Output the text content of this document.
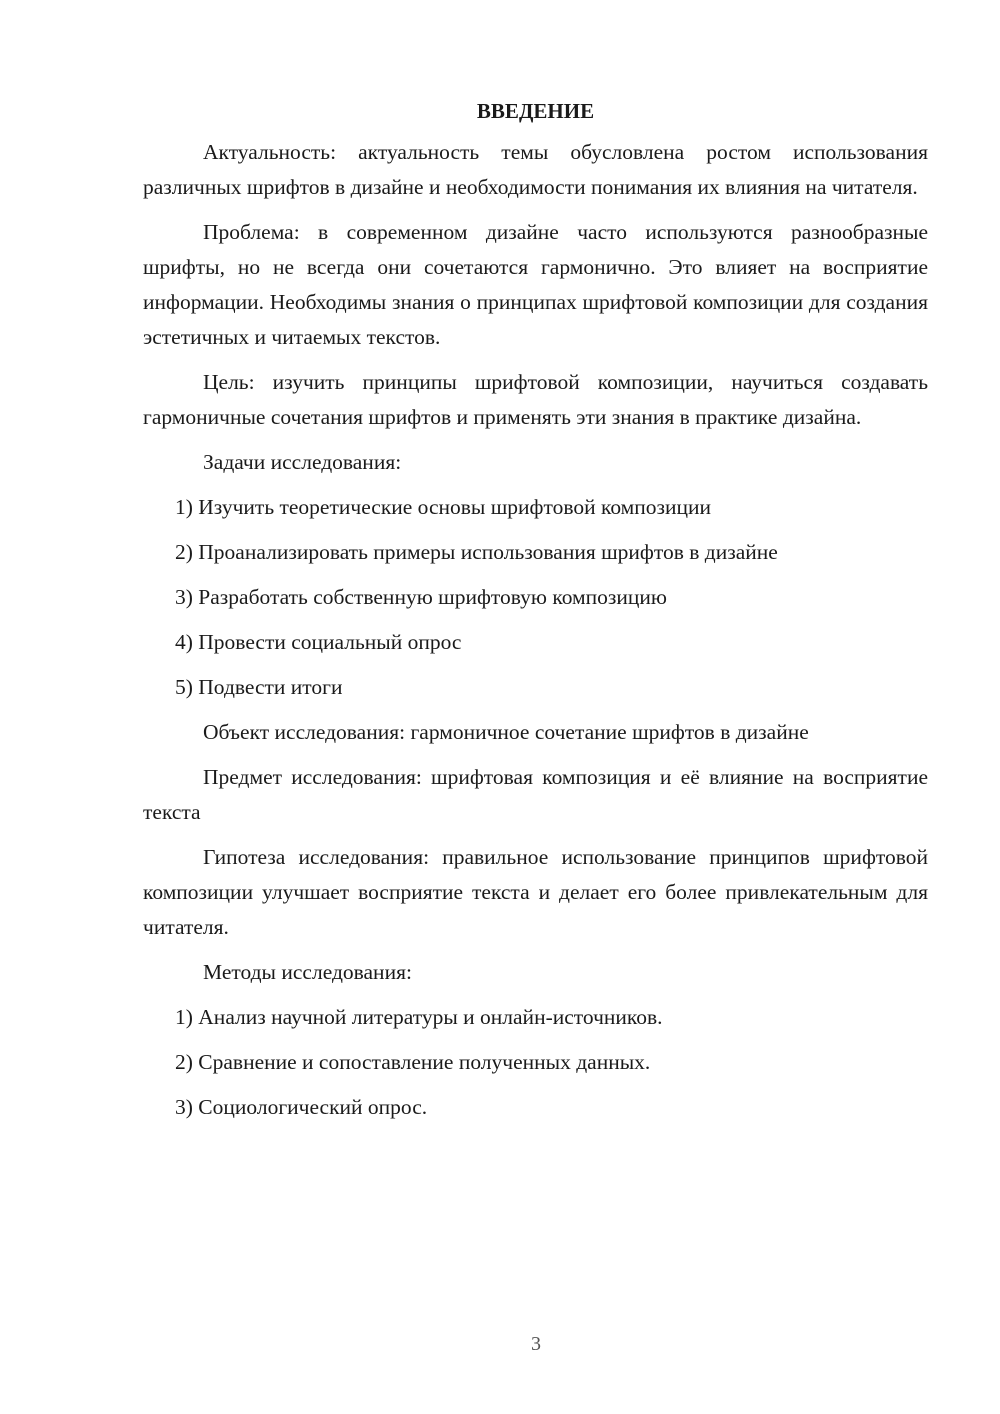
ВВЕДЕНИЕ

Актуальность: актуальность темы обусловлена ростом использования различных шрифтов в дизайне и необходимости понимания их влияния на читателя.

Проблема: в современном дизайне часто используются разнообразные шрифты, но не всегда они сочетаются гармонично. Это влияет на восприятие информации. Необходимы знания о принципах шрифтовой композиции для создания эстетичных и читаемых текстов.

Цель: изучить принципы шрифтовой композиции, научиться создавать гармоничные сочетания шрифтов и применять эти знания в практике дизайна.

Задачи исследования:

1) Изучить теоретические основы шрифтовой композиции
2) Проанализировать примеры использования шрифтов в дизайне
3) Разработать собственную шрифтовую композицию
4) Провести социальный опрос
5) Подвести итоги

Объект исследования: гармоничное сочетание шрифтов в дизайне

Предмет исследования: шрифтовая композиция и её влияние на восприятие текста

Гипотеза исследования: правильное использование принципов шрифтовой композиции улучшает восприятие текста и делает его более привлекательным для читателя.

Методы исследования:

1) Анализ научной литературы и онлайн-источников.
2) Сравнение и сопоставление полученных данных.
3) Социологический опрос.
3
